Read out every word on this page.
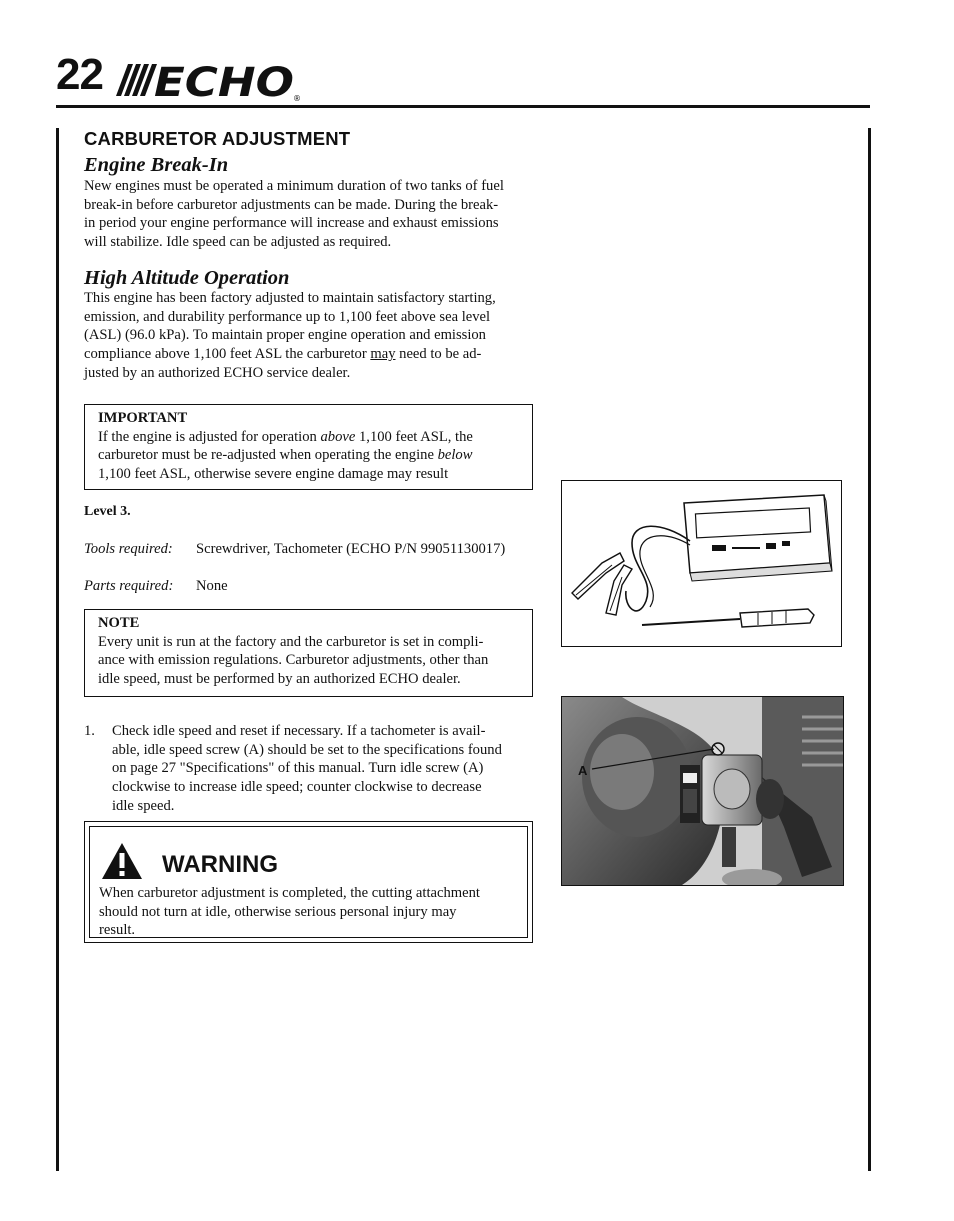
22 ECHO ®
CARBURETOR ADJUSTMENT
Engine Break-In
New engines must be operated a minimum duration of two tanks of fuel
break-in before carburetor adjustments can be made. During the break-
in period your engine performance will increase and exhaust emissions
will stabilize. Idle speed can be adjusted as required.
High Altitude Operation
This engine has been factory adjusted to maintain satisfactory starting,
emission, and durability performance up to 1,100 feet above sea level
(ASL) (96.0 kPa). To maintain proper engine operation and emission
compliance above 1,100 feet ASL the carburetor may need to be ad-
justed by an authorized ECHO service dealer.
IMPORTANT
If the engine is adjusted for operation above 1,100 feet ASL, the
carburetor must be re-adjusted when operating the engine below
1,100 feet ASL, otherwise severe engine damage may result
Level 3.
Tools required: Screwdriver, Tachometer (ECHO P/N 99051130017)
Parts required: None
NOTE
Every unit is run at the factory and the carburetor is set in compli-
ance with emission regulations. Carburetor adjustments, other than
idle speed, must be performed by an authorized ECHO dealer.
1. Check idle speed and reset if necessary. If a tachometer is avail-
able, idle speed screw (A) should be set to the specifications found
on page 27 "Specifications" of this manual. Turn idle screw (A)
clockwise to increase idle speed; counter clockwise to decrease
idle speed.
WARNING
When carburetor adjustment is completed, the cutting attachment
should not turn at idle, otherwise serious personal injury may
result.
A
